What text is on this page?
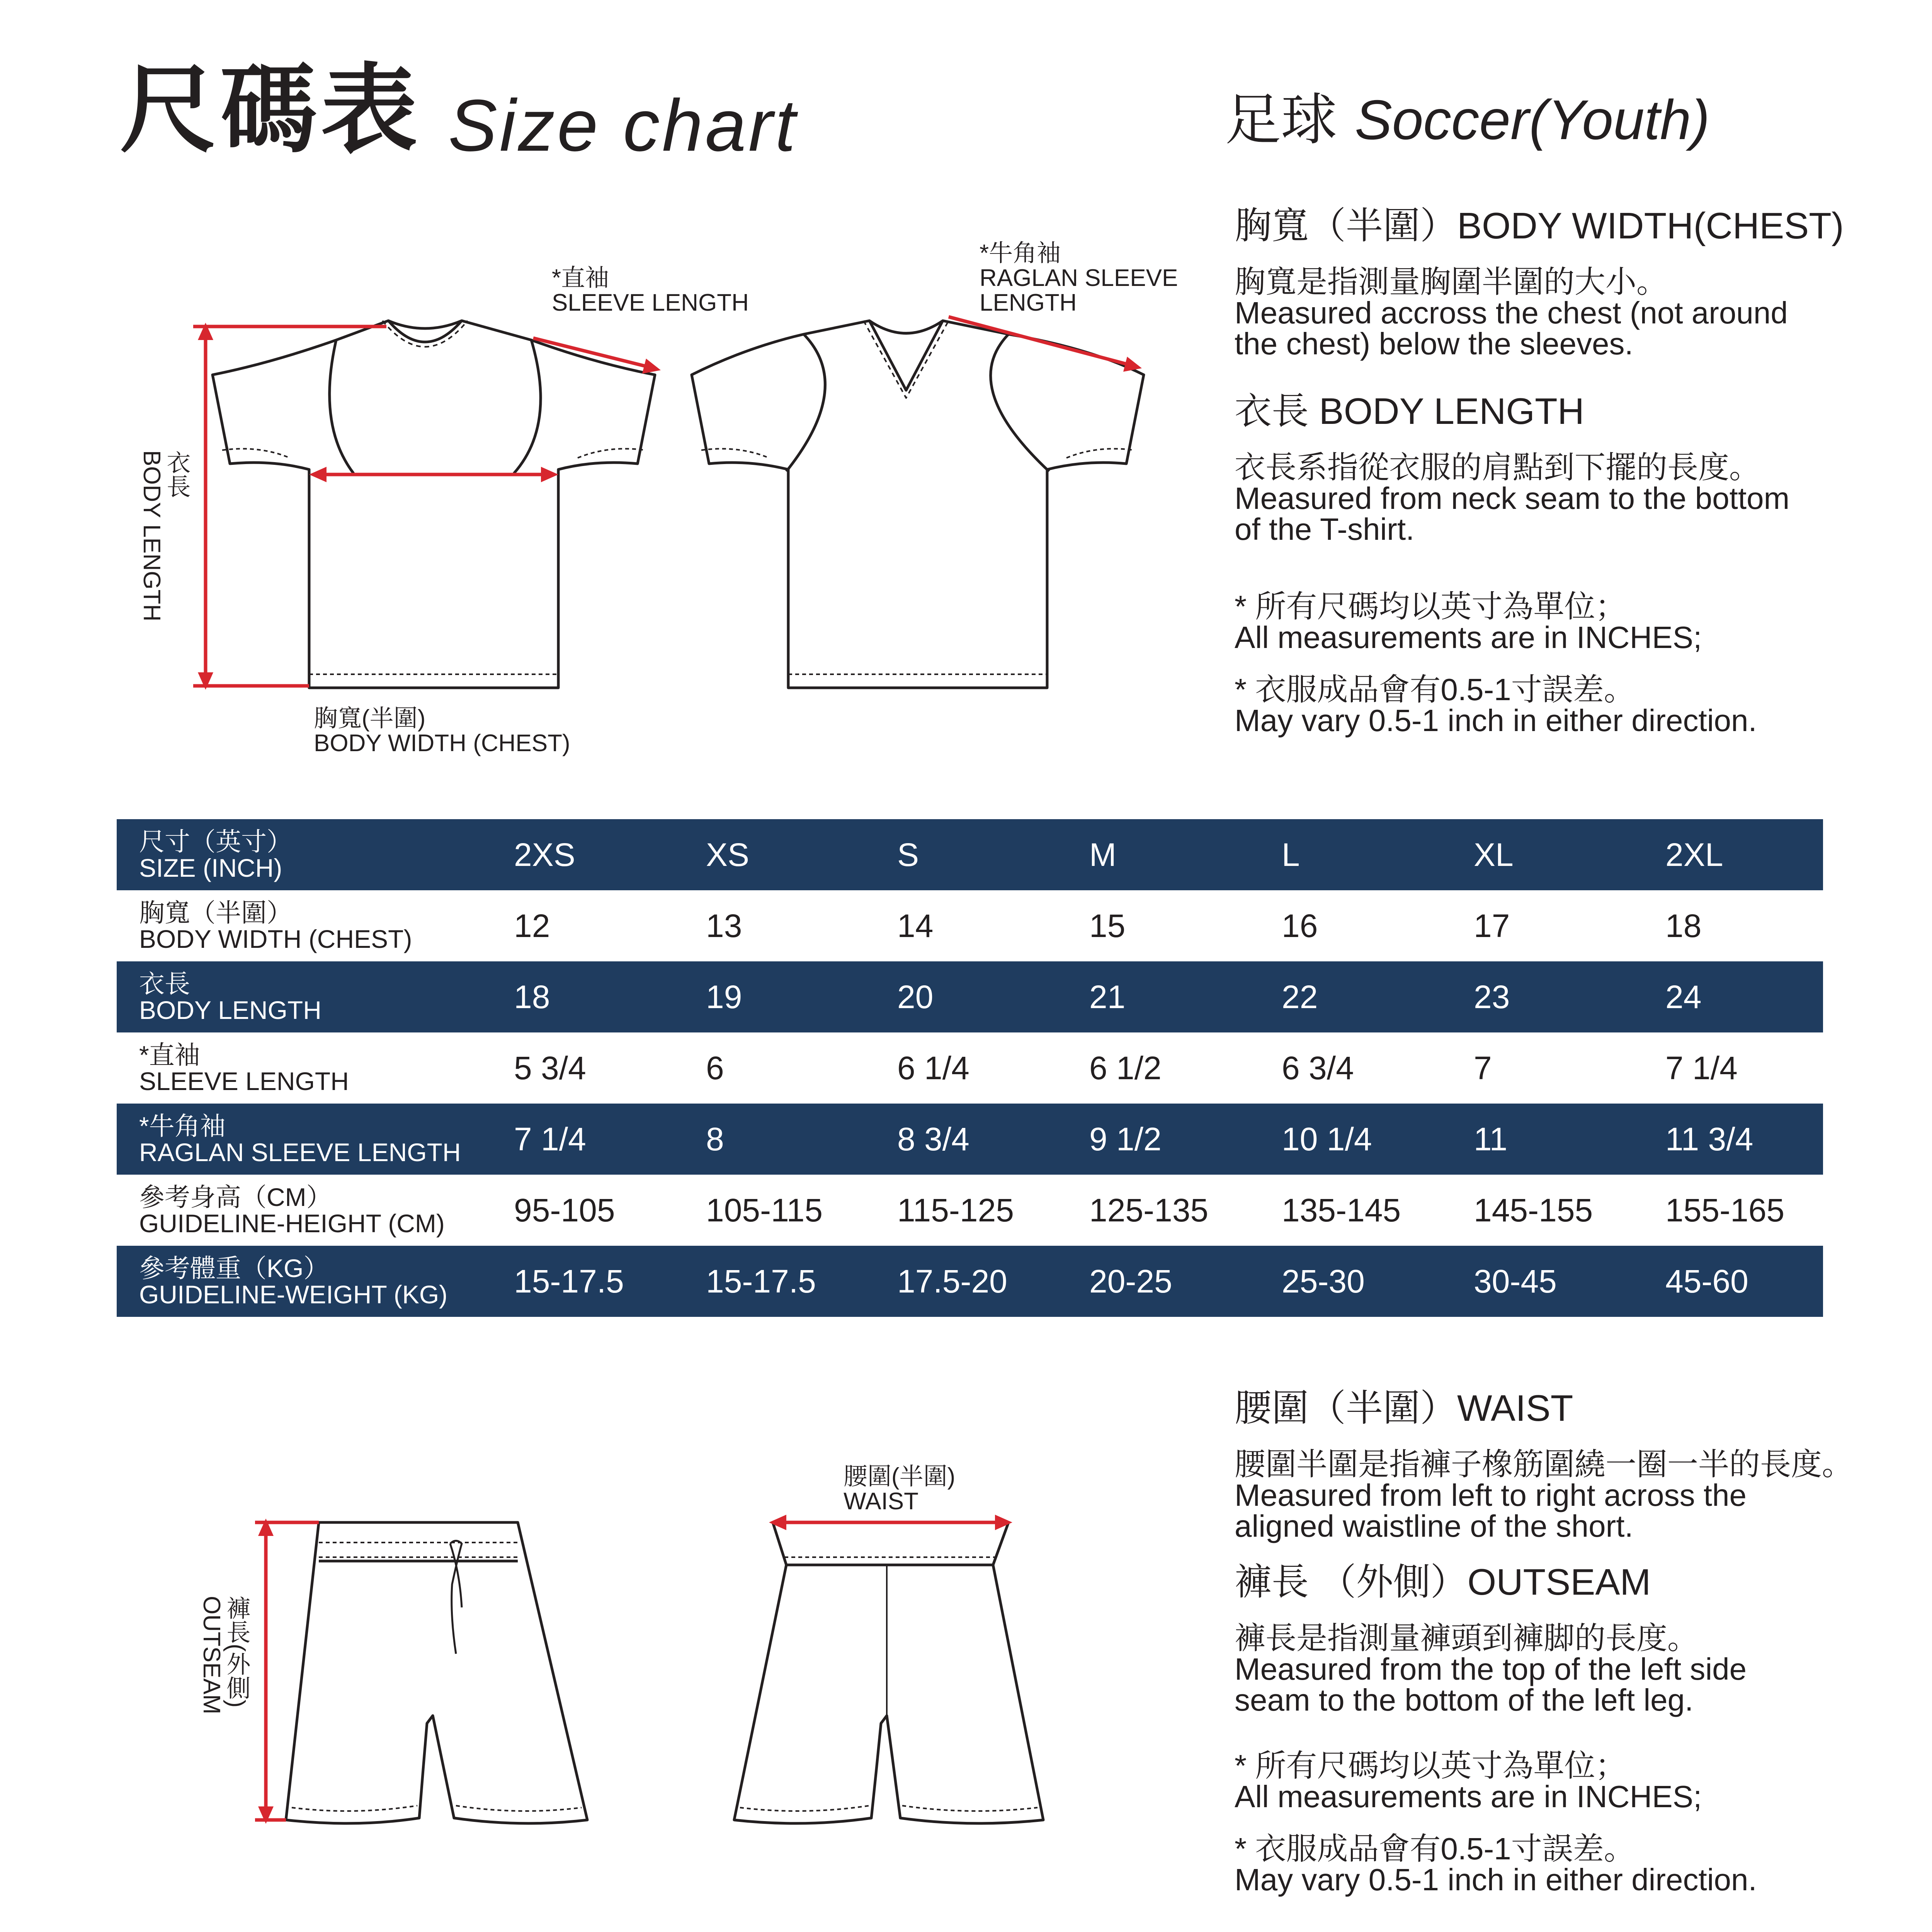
尺碼表 Size chart	足球 Soccer(Youth)
*直袖
SLEEVE LENGTH
*牛角袖
RAGLAN SLEEVE
LENGTH
衣長
BODY LENGTH
胸寬(半圍)
BODY WIDTH (CHEST)
胸寬（半圍）BODY WIDTH(CHEST)
胸寬是指測量胸圍半圍的大小。
Measured accross the chest (not around
the chest) below the sleeves.
衣長 BODY LENGTH
衣長系指從衣服的肩點到下擺的長度。
Measured from neck seam to the bottom
of the T-shirt.
* 所有尺碼均以英寸為單位；
All measurements are in INCHES;
* 衣服成品會有0.5-1寸誤差。
May vary 0.5-1 inch in either direction.
尺寸（英寸）
SIZE (INCH)	2XS	XS	S	M	L	XL	2XL
胸寬（半圍）
BODY WIDTH (CHEST)	12	13	14	15	16	17	18
衣長
BODY LENGTH	18	19	20	21	22	23	24
*直袖
SLEEVE LENGTH	5 3/4	6	6 1/4	6 1/2	6 3/4	7	7 1/4
*牛角袖
RAGLAN SLEEVE LENGTH 7 1/4	8	8 3/4	9 1/2	10 1/4	11	11 3/4
參考身高（CM）
GUIDELINE-HEIGHT (CM) 95-105	105-115 115-125 125-135 135-145 145-155 155-165
參考體重（KG）
GUIDELINE-WEIGHT (KG) 15-17.5	15-17.5	17.5-20	20-25	25-30	30-45	45-60
腰圍(半圍)
WAIST
褲長(外側)
OUTSEAM
腰圍（半圍）WAIST
腰圍半圍是指褲子橡筋圍繞一圈一半的長度。
Measured from left to right across the
aligned waistline of the short.
褲長 （外側）OUTSEAM
褲長是指測量褲頭到褲脚的長度。
Measured from the top of the left side
seam to the bottom of the left leg.
* 所有尺碼均以英寸為單位；
All measurements are in INCHES;
* 衣服成品會有0.5-1寸誤差。
May vary 0.5-1 inch in either direction.
